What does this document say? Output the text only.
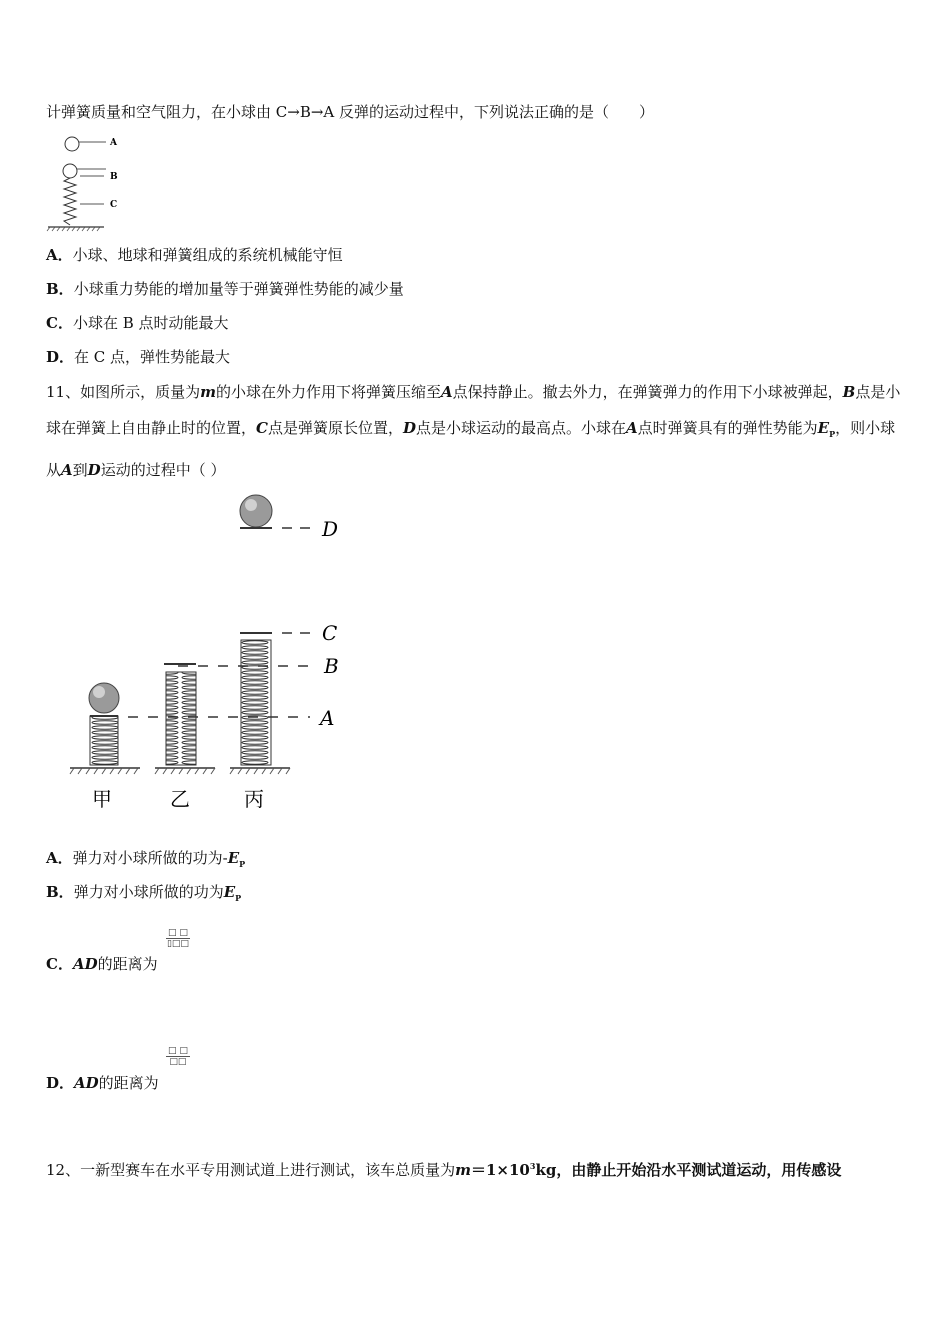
计弹簧质量和空气阻力，在小球由 C→B→A 反弹的运动过程中，下列说法正确的是（　　）
A
B
C
A．小球、地球和弹簧组成的系统机械能守恒
B．小球重力势能的增加量等于弹簧弹性势能的减少量
C．小球在 B 点时动能最大
D．在 C 点，弹性势能最大
11、如图所示，质量为m的小球在外力作用下将弹簧压缩至A点保持静止。撤去外力，在弹簧弹力的作用下小球被弹起，B点是小球在弹簧上自由静止时的位置，C点是弹簧原长位置，D点是小球运动的最高点。小球在A点时弹簧具有的弹性势能为$E_P$，则小球从A到D运动的过程中（ ）
D
C
B
A
甲	乙	丙
A．弹力对小球所做的功为$-E_P$
B．弹力对小球所做的功为$E_P$
□ □
▯□□
C．AD的距离为
□ □
□□
D．AD的距离为
12、一新型赛车在水平专用测试道上进行测试，该车总质量为$m=1\times 10^3kg$，由静止开始沿水平测试道运动，用传感设
